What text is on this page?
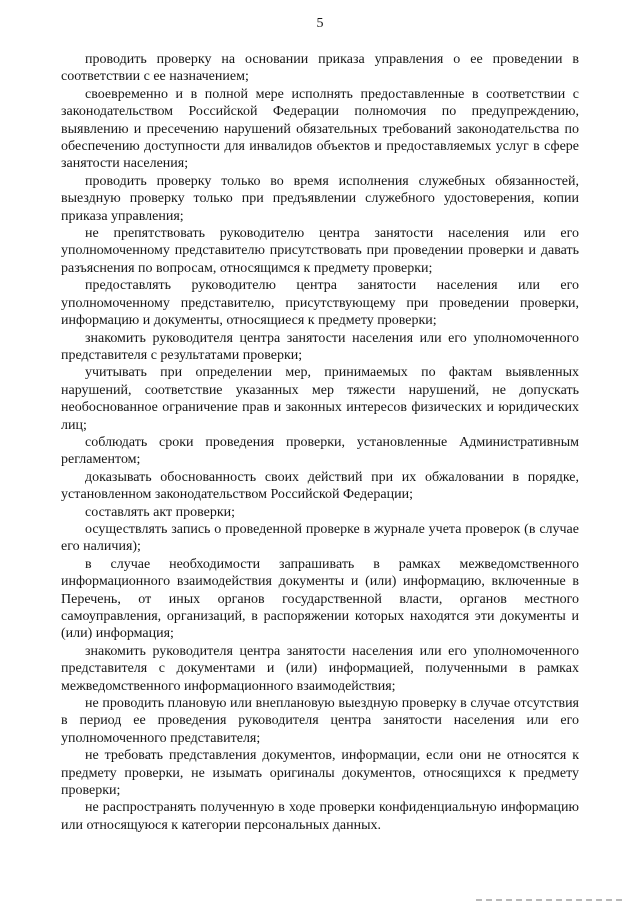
5

проводить проверку на основании приказа управления о ее проведении в соответствии с ее назначением;

своевременно и в полной мере исполнять предоставленные в соответствии с законодательством Российской Федерации полномочия по предупреждению, выявлению и пресечению нарушений обязательных требований законодательства по обеспечению доступности для инвалидов объектов и предоставляемых услуг в сфере занятости населения;

проводить проверку только во время исполнения служебных обязанностей, выездную проверку только при предъявлении служебного удостоверения, копии приказа управления;

не препятствовать руководителю центра занятости населения или его уполномоченному представителю присутствовать при проведении проверки и давать разъяснения по вопросам, относящимся к предмету проверки;

предоставлять руководителю центра занятости населения или его уполномоченному представителю, присутствующему при проведении проверки, информацию и документы, относящиеся к предмету проверки;

знакомить руководителя центра занятости населения или его уполномоченного представителя с результатами проверки;

учитывать при определении мер, принимаемых по фактам выявленных нарушений, соответствие указанных мер тяжести нарушений, не допускать необоснованное ограничение прав и законных интересов физических и юридических лиц;

соблюдать сроки проведения проверки, установленные Административным регламентом;

доказывать обоснованность своих действий при их обжаловании в порядке, установленном законодательством Российской Федерации;

составлять акт проверки;

осуществлять запись о проведенной проверке в журнале учета проверок (в случае его наличия);

в случае необходимости запрашивать в рамках межведомственного информационного взаимодействия документы и (или) информацию, включенные в Перечень, от иных органов государственной власти, органов местного самоуправления, организаций, в распоряжении которых находятся эти документы и (или) информация;

знакомить руководителя центра занятости населения или его уполномоченного представителя с документами и (или) информацией, полученными в рамках межведомственного информационного взаимодействия;

не проводить плановую или внеплановую выездную проверку в случае отсутствия в период ее проведения руководителя центра занятости населения или его уполномоченного представителя;

не требовать представления документов, информации, если они не относятся к предмету проверки, не изымать оригиналы документов, относящихся к предмету проверки;

не распространять полученную в ходе проверки конфиденциальную информацию или относящуюся к категории персональных данных.
